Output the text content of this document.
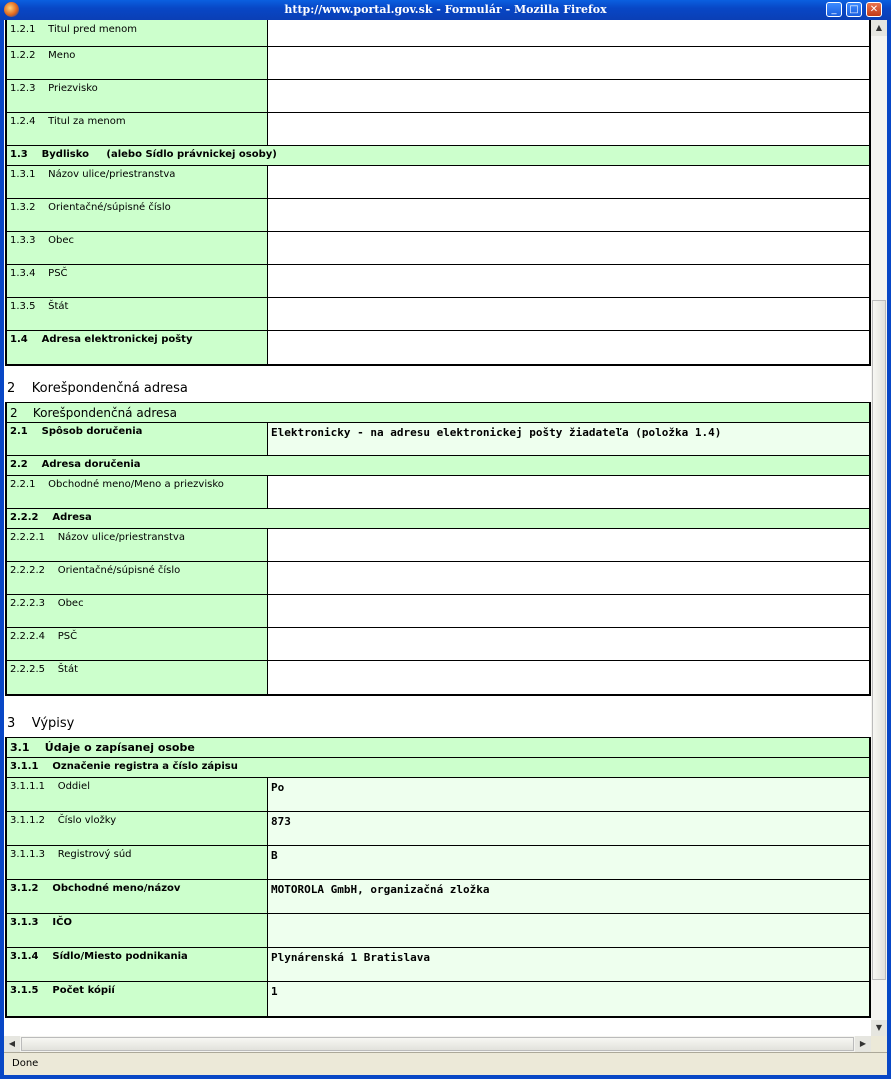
http://www.portal.gov.sk - Formulár - Mozilla Firefox	_	□	✕
1.2.1    Titul pred menom
1.2.2    Meno
1.2.3    Priezvisko
1.2.4    Titul za menom
1.3    Bydlisko     (alebo Sídlo právnickej osoby)
1.3.1    Názov ulice/priestranstva
1.3.2    Orientačné/súpisné číslo
1.3.3    Obec
1.3.4    PSČ
1.3.5    Štát
1.4    Adresa elektronickej pošty
2    Korešpondenčná adresa
2    Korešpondenčná adresa
2.1    Spôsob doručenia	Elektronicky - na adresu elektronickej pošty žiadateľa (položka 1.4)
2.2    Adresa doručenia
2.2.1    Obchodné meno/Meno a priezvisko
2.2.2    Adresa
2.2.2.1    Názov ulice/priestranstva
2.2.2.2    Orientačné/súpisné číslo
2.2.2.3    Obec
2.2.2.4    PSČ
2.2.2.5    Štát
3    Výpisy
3.1    Údaje o zapísanej osobe
3.1.1    Označenie registra a číslo zápisu
3.1.1.1    Oddiel	Po
3.1.1.2    Číslo vložky	873
3.1.1.3    Registrový súd	B
3.1.2    Obchodné meno/názov	MOTOROLA GmbH, organizačná zložka
3.1.3    IČO
3.1.4    Sídlo/Miesto podnikania	Plynárenská 1 Bratislava
3.1.5    Počet kópií	1
▲
▼
◀	▶
Done
